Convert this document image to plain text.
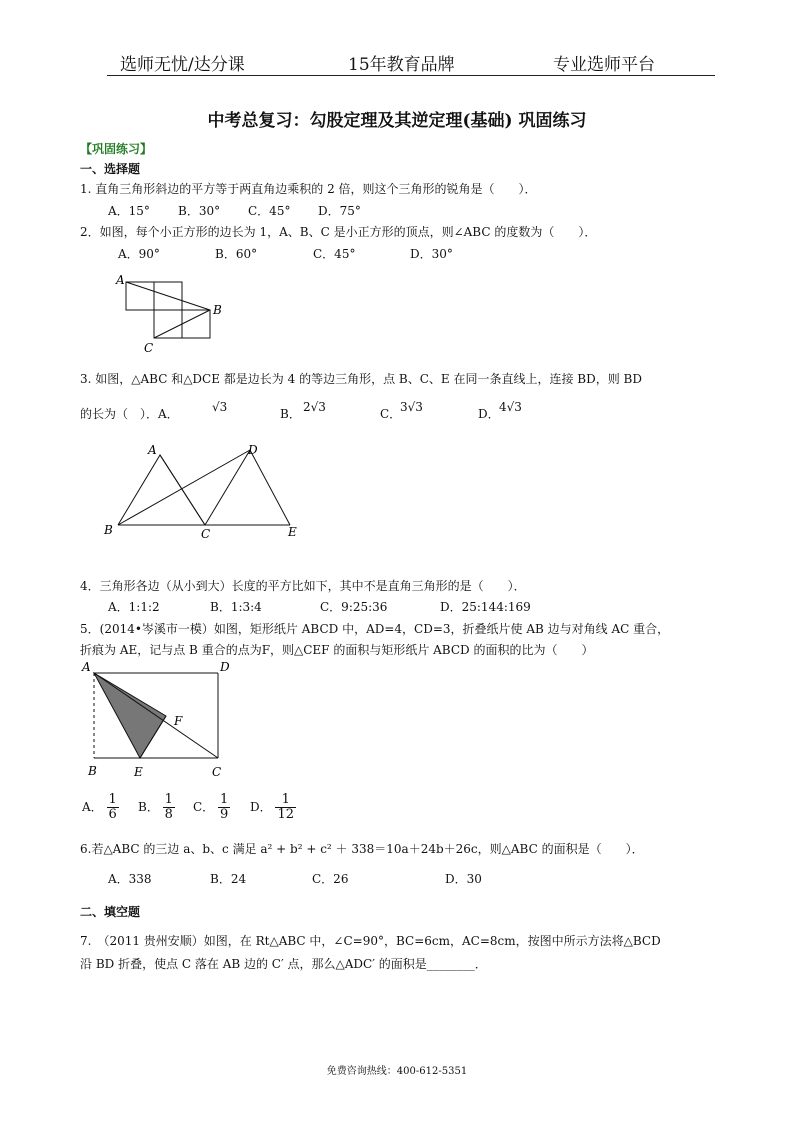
选师无忧/达分课	15年教育品牌	专业选师平台
中考总复习：勾股定理及其逆定理(基础) 巩固练习
【巩固练习】
一、选择题
1. 直角三角形斜边的平方等于两直角边乘积的 2 倍，则这个三角形的锐角是（　　）．
A．15° B．30° C．45° D．75°
2．如图，每个小正方形的边长为 1，A、B、C 是小正方形的顶点，则∠ABC 的度数为（　　）．
A．90°	B．60°	C．45°	D．30°
A
B
C
3. 如图，△ABC 和△DCE 都是边长为 4 的等边三角形，点 B、C、E 在同一条直线上，连接 BD，则 BD
的长为（　）．A．	√3	B． 2√3	C．
3√3	D． 4√3
A	D
B	C	E
4．三角形各边（从小到大）长度的平方比如下，其中不是直角三角形的是（　　）．
A．1:1:2	B．1:3:4	C．9:25:36	D．25:144:169
5．(2014•岑溪市一模）如图，矩形纸片 ABCD 中，AD=4，CD=3，折叠纸片使 AB 边与对角线 AC 重合，
折痕为 AE，记与点 B 重合的点为F，则△CEF 的面积与矩形纸片 ABCD 的面积的比为（　　）
A	D
F
B	E	C
A． $\frac{1}{6}$ B． $\frac{1}{8}$ C． $\frac{1}{9}$ D． $\frac{1}{12}$
6.若△ABC 的三边 a、b、c 满足 a² + b² + c² ＋ 338＝10a＋24b＋26c，则△ABC 的面积是（　　）．
A．338	B．24	C．26	D．30
二、填空题
7.　（2011 贵州安顺）如图，在 Rt△ABC 中，∠C=90°，BC=6cm，AC=8cm，按图中所示方法将△BCD
沿 BD 折叠，使点 C 落在 AB 边的 C′ 点，那么△ADC′ 的面积是________．
免费咨询热线：400-612-5351
